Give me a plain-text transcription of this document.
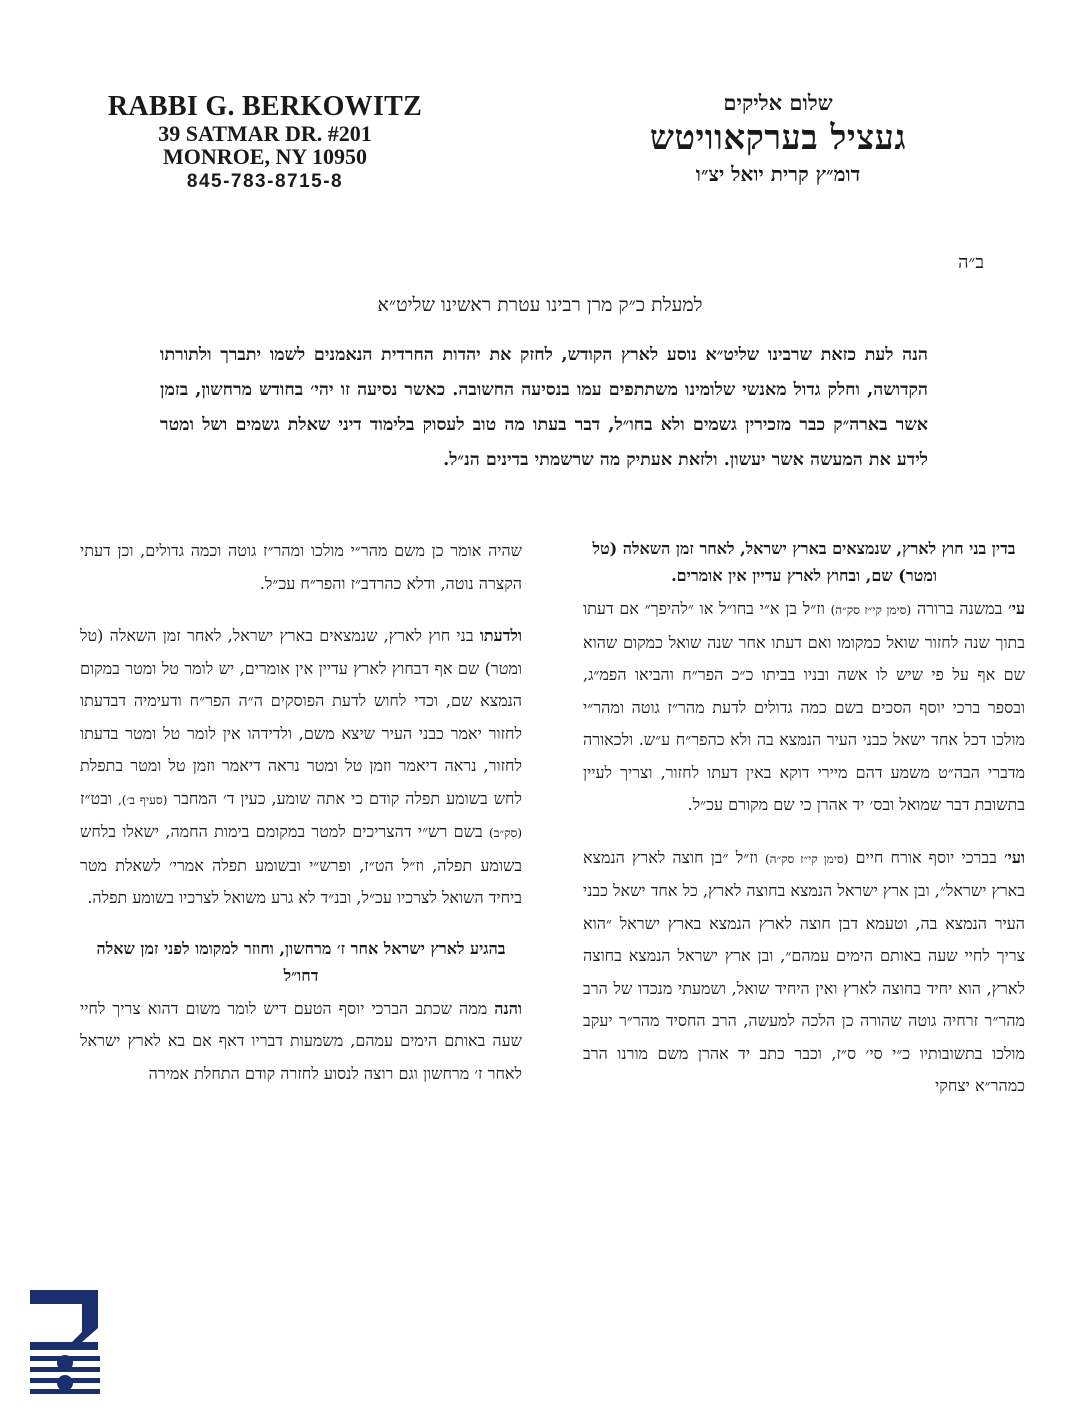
RABBI G. BERKOWITZ
39 SATMAR DR. #201
MONROE, NY 10950
845-783-8715-8
שלום אליקים
געציל בערקאוויטש
דומ״ץ קרית יואל יצ״ו
ב״ה
למעלת כ״ק מרן רבינו עטרת ראשינו שליט״א
הנה לעת כזאת שרבינו שליט״א נוסע לארץ הקודש, לחזק את יהדות החרדית הנאמנים לשמו יתברך ולתורתו הקדושה, וחלק גדול מאנשי שלומינו משתתפים עמו בנסיעה החשובה. כאשר נסיעה זו יהי׳ בחודש מרחשון, בזמן אשר בארה״ק כבר מזכירין גשמים ולא בחו״ל, דבר בעתו מה טוב לעסוק בלימוד דיני שאלת גשמים ושל ומטר לידע את המעשה אשר יעשון. ולזאת אעתיק מה שרשמתי בדינים הנ״ל.
בדין בני חוץ לארץ, שנמצאים בארץ ישראל, לאחר זמן השאלה (טל ומטר) שם, ובחוץ לארץ עדיין אין אומרים.

עי׳ במשנה ברורה (סימן קי״ז סק״ה) וז״ל בן א״י בחו״ל או ״להיפך״ אם דעתו בתוך שנה לחזור שואל כמקומו ואם דעתו אחר שנה שואל כמקום שהוא שם אף על פי שיש לו אשה ובניו בביתו כ״כ הפר״ח והביאו הפמ״ג, ובספר ברכי יוסף הסכים בשם כמה גדולים לדעת מהר״ז גוטה ומהר״י מולכו דכל אחד ישאל כבני העיר הנמצא בה ולא כהפר״ח ע״ש. ולכאורה מדברי הבה״ט משמע דהם מיירי דוקא באין דעתו לחזור, וצריך לעיין בתשובת דבר שמואל ובס׳ יד אהרן כי שם מקורם עכ״ל.

ועי׳ בברכי יוסף אורח חיים (סימן קי״ז סק״ה) וז״ל ״בן חוצה לארץ הנמצא בארץ ישראל״, ובן ארץ ישראל הנמצא בחוצה לארץ, כל אחד ישאל כבני העיר הנמצא בה, וטעמא דבן חוצה לארץ הנמצא בארץ ישראל ״הוא צריך לחיי שעה באותם הימים עמהם״, ובן ארץ ישראל הנמצא בחוצה לארץ, הוא יחיד בחוצה לארץ ואין היחיד שואל, ושמעתי מנכדו של הרב מהר״ר זרחיה גוטה שהורה כן הלכה למעשה, הרב החסיד מהר״ר יעקב מולכו בתשובותיו כ״י סי׳ ס״ז, וכבר כתב יד אהרן משם מורנו הרב כמהר״א יצחקי

שהיה אומר כן משם מהר״י מולכו ומהר״ז גוטה וכמה גדולים, וכן דעתי הקצרה נוטה, ודלא כהרדב״ז והפר״ח עכ״ל.

ולדעתו בני חוץ לארץ, שנמצאים בארץ ישראל, לאחר זמן השאלה (טל ומטר) שם אף דבחוץ לארץ עדיין אין אומרים, יש לומר טל ומטר במקום הנמצא שם, וכדי לחוש לדעת הפוסקים ה״ה הפר״ח ודעימיה דבדעתו לחזור יאמר כבני העיר שיצא משם, ולדידהו אין לומר טל ומטר בדעתו לחזור, נראה דיאמר וזמן טל ומטר נראה דיאמר וזמן טל ומטר בתפלת לחש בשומע תפלה קודם כי אתה שומע, כעין ד׳ המחבר (סעיף ב׳), ובט״ז (סק״ב) בשם רש״י דהצריכים למטר במקומם בימות החמה, ישאלו בלחש בשומע תפלה, וז״ל הט״ז, ופרש״י ובשומע תפלה אמרי׳ לשאלת מטר ביחיד השואל לצרכיו עכ״ל, ובנ״ד לא גרע משואל לצרכיו בשומע תפלה.

בהגיע לארץ ישראל אחר ז׳ מרחשון, וחוזר למקומו לפני זמן שאלה דחו״ל

והנה ממה שכתב הברכי יוסף הטעם דיש לומר משום דהוא צריך לחיי שעה באותם הימים עמהם, משמעות דבריו דאף אם בא לארץ ישראל לאחר ז׳ מרחשון וגם רוצה לנסוע לחזרה קודם התחלת אמירה
